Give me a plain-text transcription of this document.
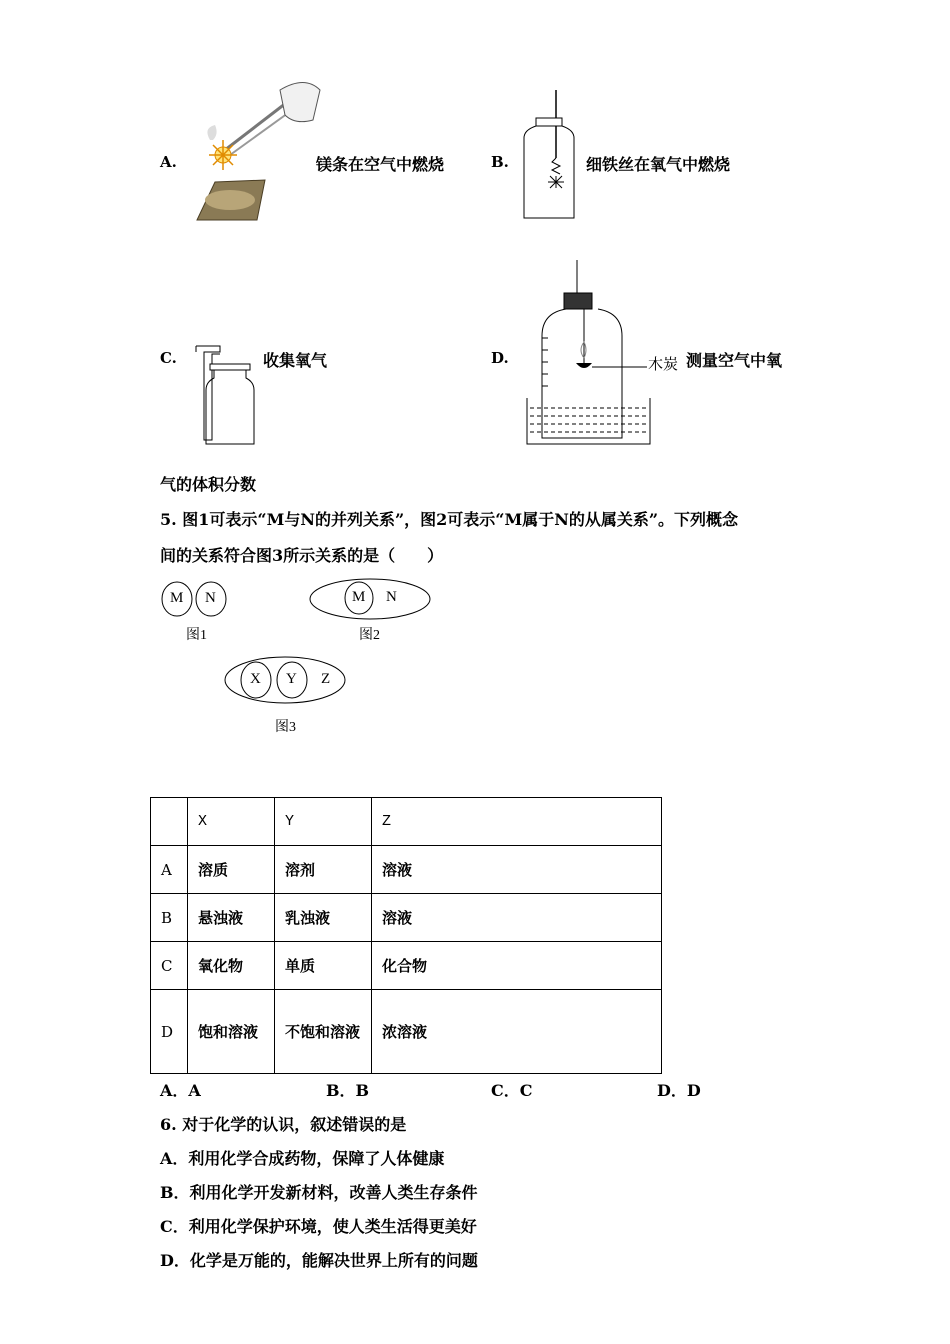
A.	镁条在空气中燃烧	B.	细铁丝在氧气中燃烧
C.	收集氧气	D.	木炭 测量空气中氧
气的体积分数
5. 图1可表示“M与N的并列关系”，图2可表示“M属于N的从属关系”。下列概念
间的关系符合图3所示关系的是（　　）
M N
图1
M N
图2
X Y Z
图3
	X	Y	Z
A	溶质	溶剂	溶液
B	悬浊液	乳浊液	溶液
C	氧化物	单质	化合物
D	饱和溶液	不饱和溶液	浓溶液
A．A	B．B	C．C	D．D
6. 对于化学的认识，叙述错误的是
A．利用化学合成药物，保障了人体健康
B．利用化学开发新材料，改善人类生存条件
C．利用化学保护环境，使人类生活得更美好
D．化学是万能的，能解决世界上所有的问题
